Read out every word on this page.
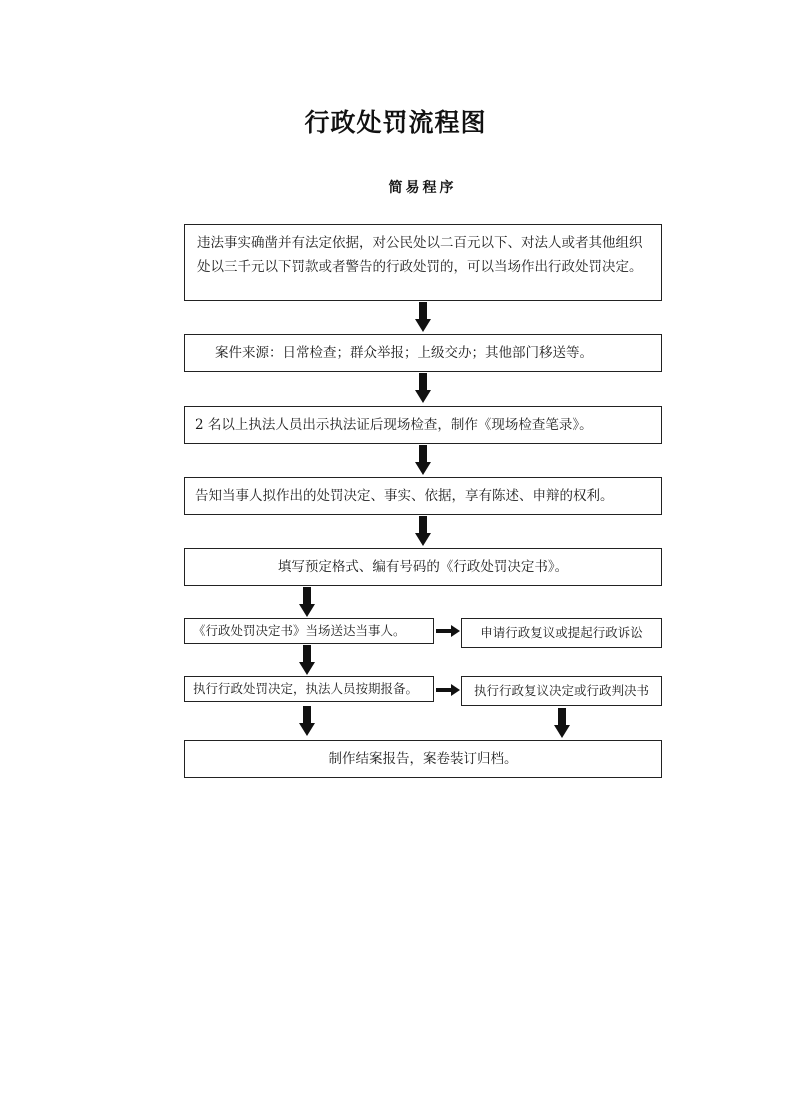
行政处罚流程图
简易程序
违法事实确凿并有法定依据，对公民处以二百元以下、对法人或者其他组织处以三千元以下罚款或者警告的行政处罚的，可以当场作出行政处罚决定。
案件来源：日常检查；群众举报；上级交办；其他部门移送等。
2 名以上执法人员出示执法证后现场检查，制作《现场检查笔录》。
告知当事人拟作出的处罚决定、事实、依据，享有陈述、申辩的权利。
填写预定格式、编有号码的《行政处罚决定书》。
《行政处罚决定书》当场送达当事人。	申请行政复议或提起行政诉讼
执行行政处罚决定，执法人员按期报备。	执行行政复议决定或行政判决书
制作结案报告，案卷装订归档。
